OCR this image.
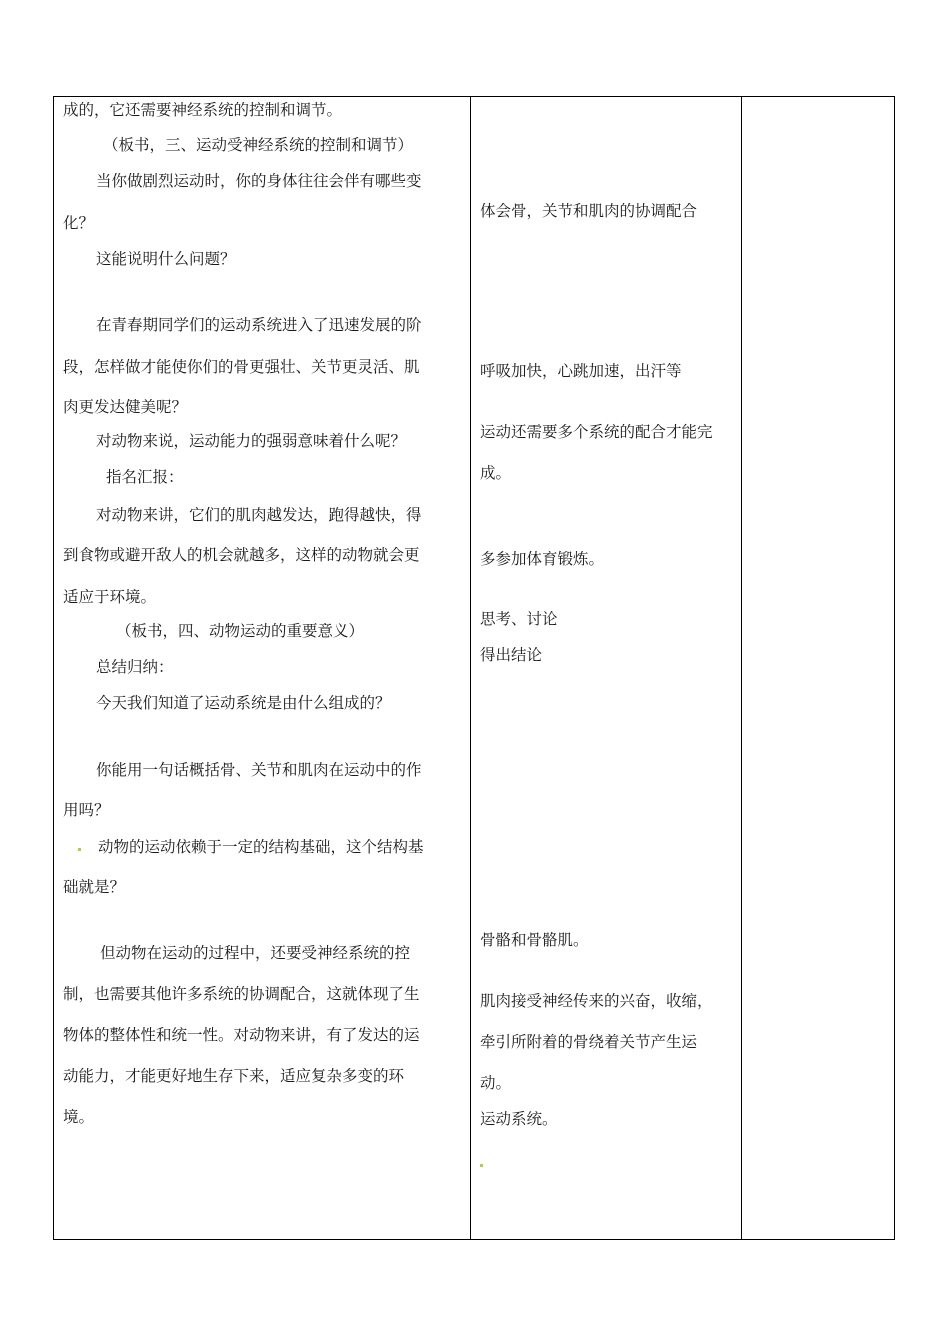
成的，它还需要神经系统的控制和调节。
（板书，三、运动受神经系统的控制和调节）
当你做剧烈运动时，你的身体往往会伴有哪些变
化？
这能说明什么问题？
在青春期同学们的运动系统进入了迅速发展的阶
段，怎样做才能使你们的骨更强壮、关节更灵活、肌
肉更发达健美呢？
对动物来说，运动能力的强弱意味着什么呢？
指名汇报：
对动物来讲，它们的肌肉越发达，跑得越快，得
到食物或避开敌人的机会就越多，这样的动物就会更
适应于环境。
（板书，四、动物运动的重要意义）
总结归纳：
今天我们知道了运动系统是由什么组成的？
你能用一句话概括骨、关节和肌肉在运动中的作
用吗？
动物的运动依赖于一定的结构基础，这个结构基
础就是？
但动物在运动的过程中，还要受神经系统的控
制，也需要其他许多系统的协调配合，这就体现了生
物体的整体性和统一性。对动物来讲，有了发达的运
动能力，才能更好地生存下来，适应复杂多变的环
境。
体会骨，关节和肌肉的协调配合
呼吸加快，心跳加速，出汗等
运动还需要多个系统的配合才能完
成。
多参加体育锻炼。
思考、讨论
得出结论
骨骼和骨骼肌。
肌肉接受神经传来的兴奋，收缩，
牵引所附着的骨绕着关节产生运
动。
运动系统。
